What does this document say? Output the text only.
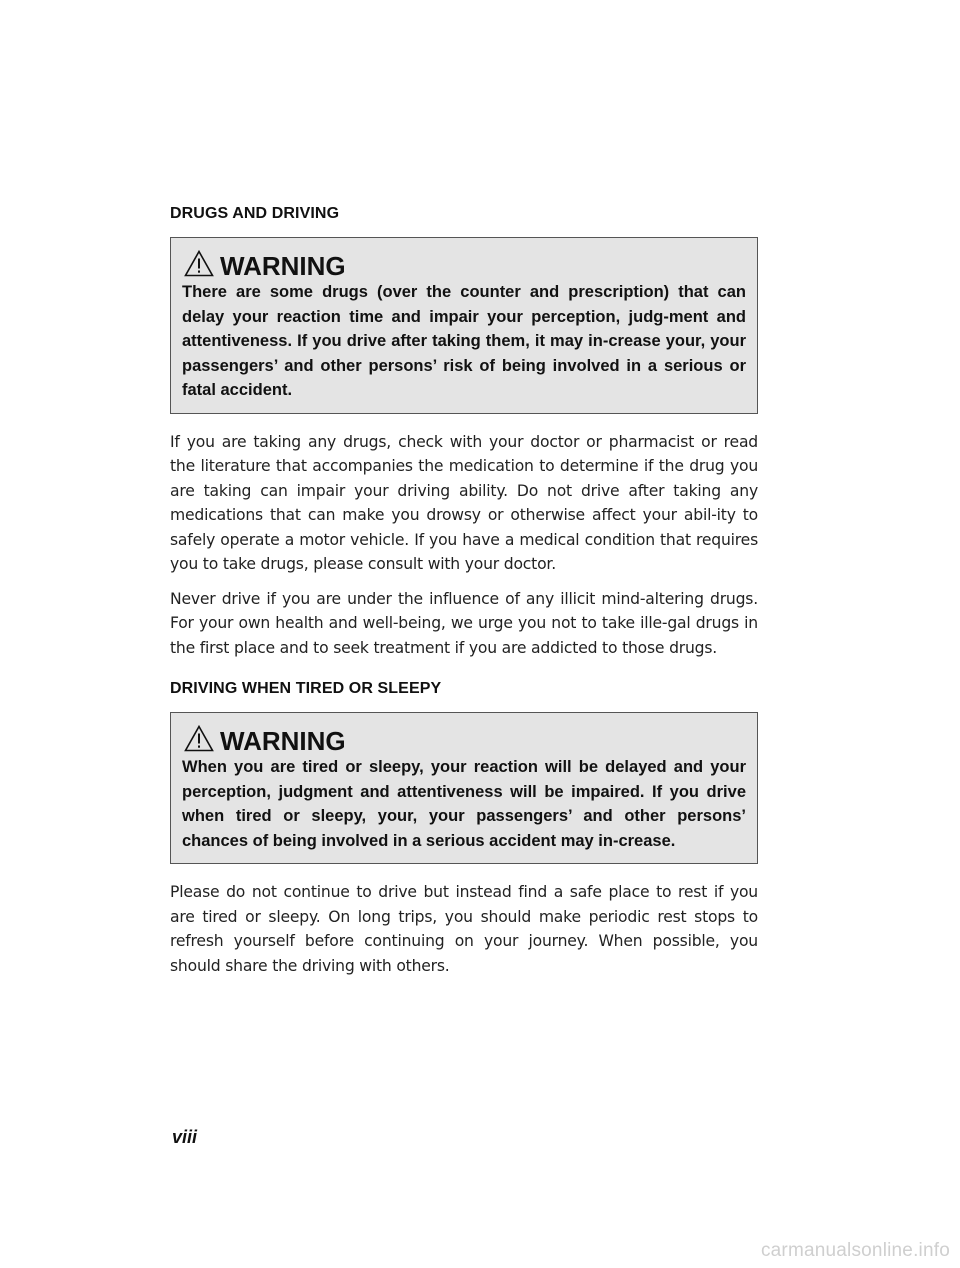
DRUGS AND DRIVING
WARNING

There are some drugs (over the counter and prescription) that can delay your reaction time and impair your perception, judg-ment and attentiveness. If you drive after taking them, it may in-crease your, your passengers’ and other persons’ risk of being involved in a serious or fatal accident.

If you are taking any drugs, check with your doctor or pharmacist or read the literature that accompanies the medication to determine if the drug you are taking can impair your driving ability. Do not drive after taking any medications that can make you drowsy or otherwise affect your abil-ity to safely operate a motor vehicle. If you have a medical condition that requires you to take drugs, please consult with your doctor.

Never drive if you are under the influence of any illicit mind-altering drugs. For your own health and well-being, we urge you not to take ille-gal drugs in the first place and to seek treatment if you are addicted to those drugs.

DRIVING WHEN TIRED OR SLEEPY
WARNING

When you are tired or sleepy, your reaction will be delayed and your perception, judgment and attentiveness will be impaired. If you drive when tired or sleepy, your, your passengers’ and other persons’ chances of being involved in a serious accident may in-crease.

Please do not continue to drive but instead find a safe place to rest if you are tired or sleepy. On long trips, you should make periodic rest stops to refresh yourself before continuing on your journey. When possible, you should share the driving with others.

viii
carmanualsonline.info
